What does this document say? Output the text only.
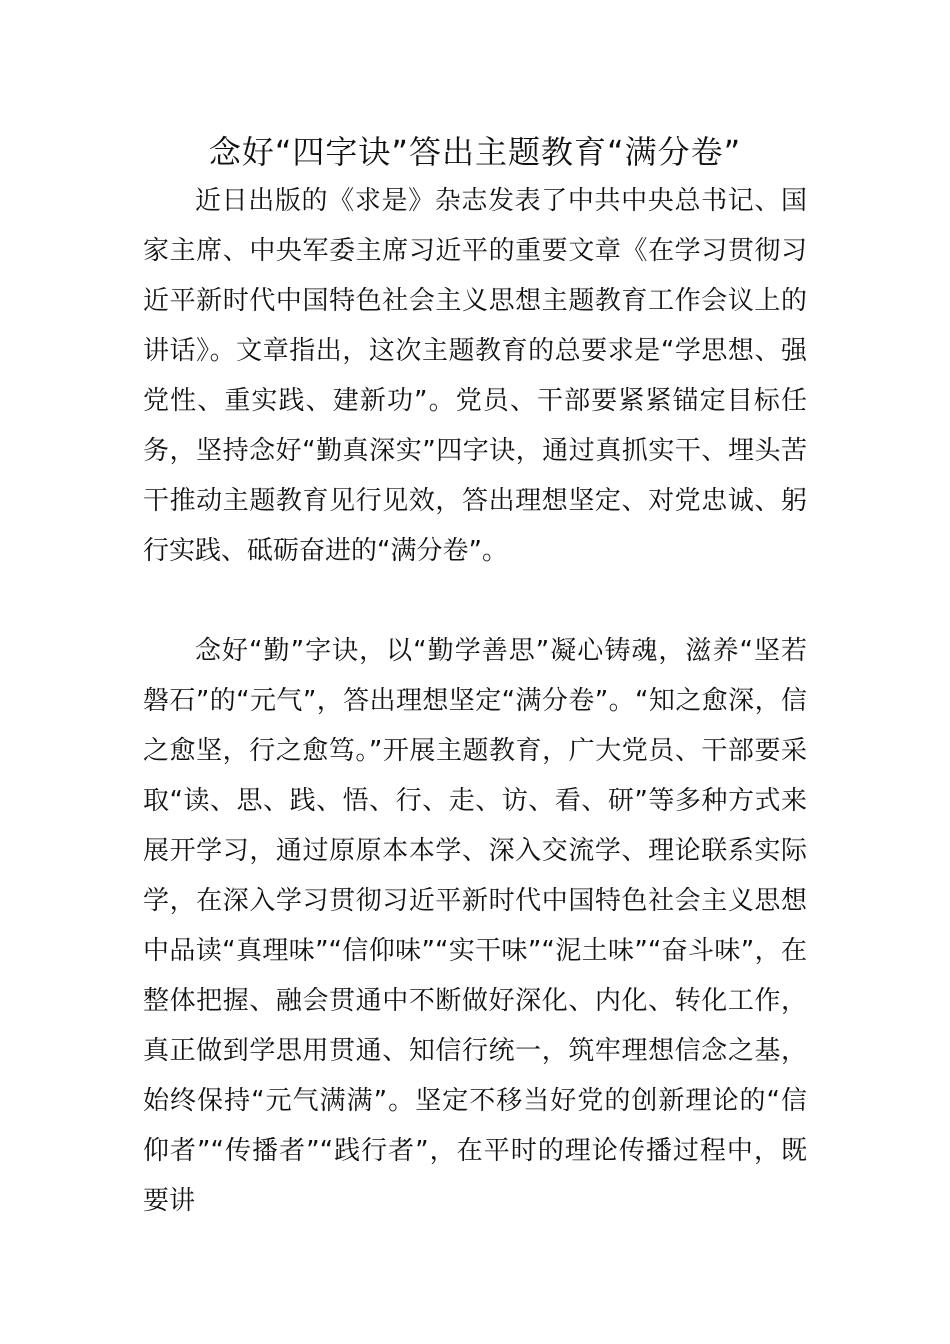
念好“四字诀”答出主题教育“满分卷”

近日出版的《求是》杂志发表了中共中央总书记、国家主席、中央军委主席习近平的重要文章《在学习贯彻习近平新时代中国特色社会主义思想主题教育工作会议上的讲话》。文章指出，这次主题教育的总要求是“学思想、强党性、重实践、建新功”。党员、干部要紧紧锚定目标任务，坚持念好“勤真深实”四字诀，通过真抓实干、埋头苦干推动主题教育见行见效，答出理想坚定、对党忠诚、躬行实践、砥砺奋进的“满分卷”。

念好“勤”字诀，以“勤学善思”凝心铸魂，滋养“坚若磐石”的“元气”，答出理想坚定“满分卷”。“知之愈深，信之愈坚，行之愈笃。”开展主题教育，广大党员、干部要采取“读、思、践、悟、行、走、访、看、研”等多种方式来展开学习，通过原原本本学、深入交流学、理论联系实际学，在深入学习贯彻习近平新时代中国特色社会主义思想中品读“真理味”“信仰味”“实干味”“泥土味”“奋斗味”，在整体把握、融会贯通中不断做好深化、内化、转化工作，真正做到学思用贯通、知信行统一，筑牢理想信念之基，始终保持“元气满满”。坚定不移当好党的创新理论的“信仰者”“传播者”“践行者”，在平时的理论传播过程中，既要讲
